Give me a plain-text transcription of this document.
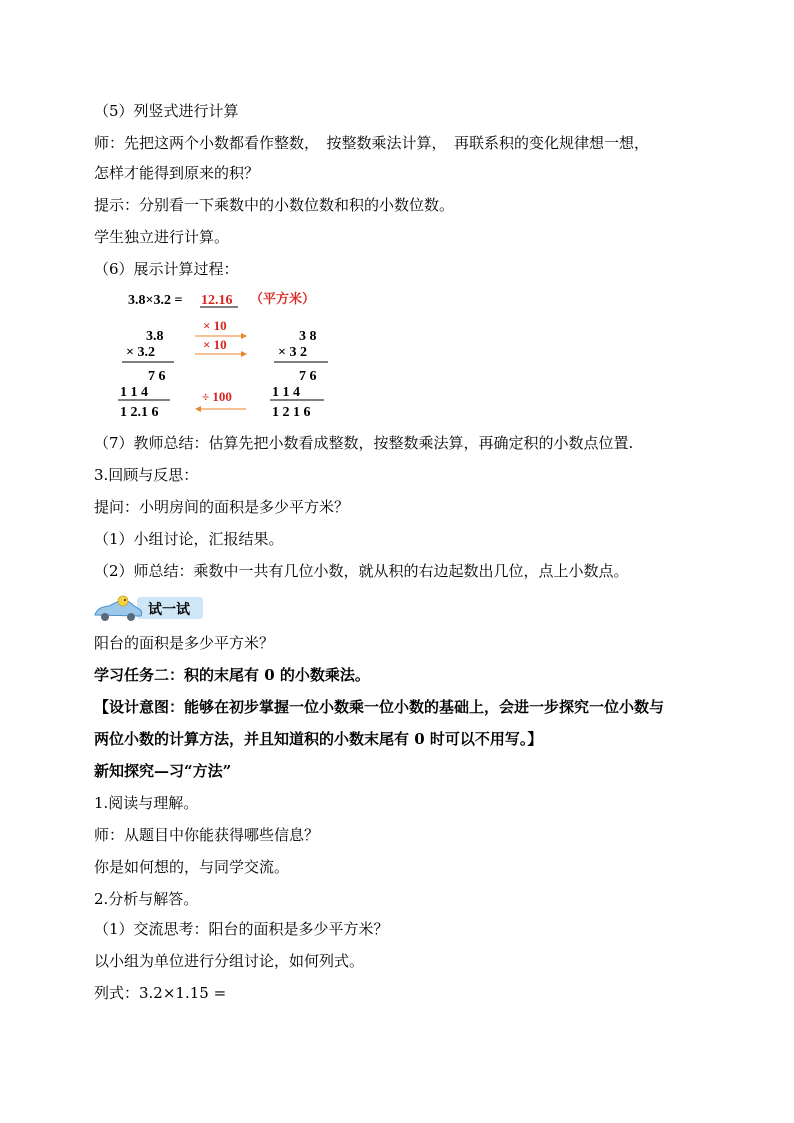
（5）列竖式进行计算
师：先把这两个小数都看作整数，　按整数乘法计算，　再联系积的变化规律想一想，
怎样才能得到原来的积？
提示：分别看一下乘数中的小数位数和积的小数位数。
学生独立进行计算。
（6）展示计算过程：
3.8×3.2 = 12.16 （平方米）
3.8
× 3.2
7 6
1 1 4
1 2.1 6
× 10
× 10
÷ 100
3 8
× 3 2
7 6
1 1 4
1 2 1 6
（7）教师总结：估算先把小数看成整数，按整数乘法算，再确定积的小数点位置.
3.回顾与反思：
提问：小明房间的面积是多少平方米？
（1）小组讨论，汇报结果。
（2）师总结：乘数中一共有几位小数，就从积的右边起数出几位，点上小数点。
试一试
阳台的面积是多少平方米？
学习任务二：积的末尾有 0 的小数乘法。
【设计意图：能够在初步掌握一位小数乘一位小数的基础上，会进一步探究一位小数与
两位小数的计算方法，并且知道积的小数末尾有 0 时可以不用写。】
新知探究—习“方法”
1.阅读与理解。
师：从题目中你能获得哪些信息？
你是如何想的，与同学交流。
2.分析与解答。
（1）交流思考：阳台的面积是多少平方米？
以小组为单位进行分组讨论，如何列式。
列式：3.2×1.15 =
